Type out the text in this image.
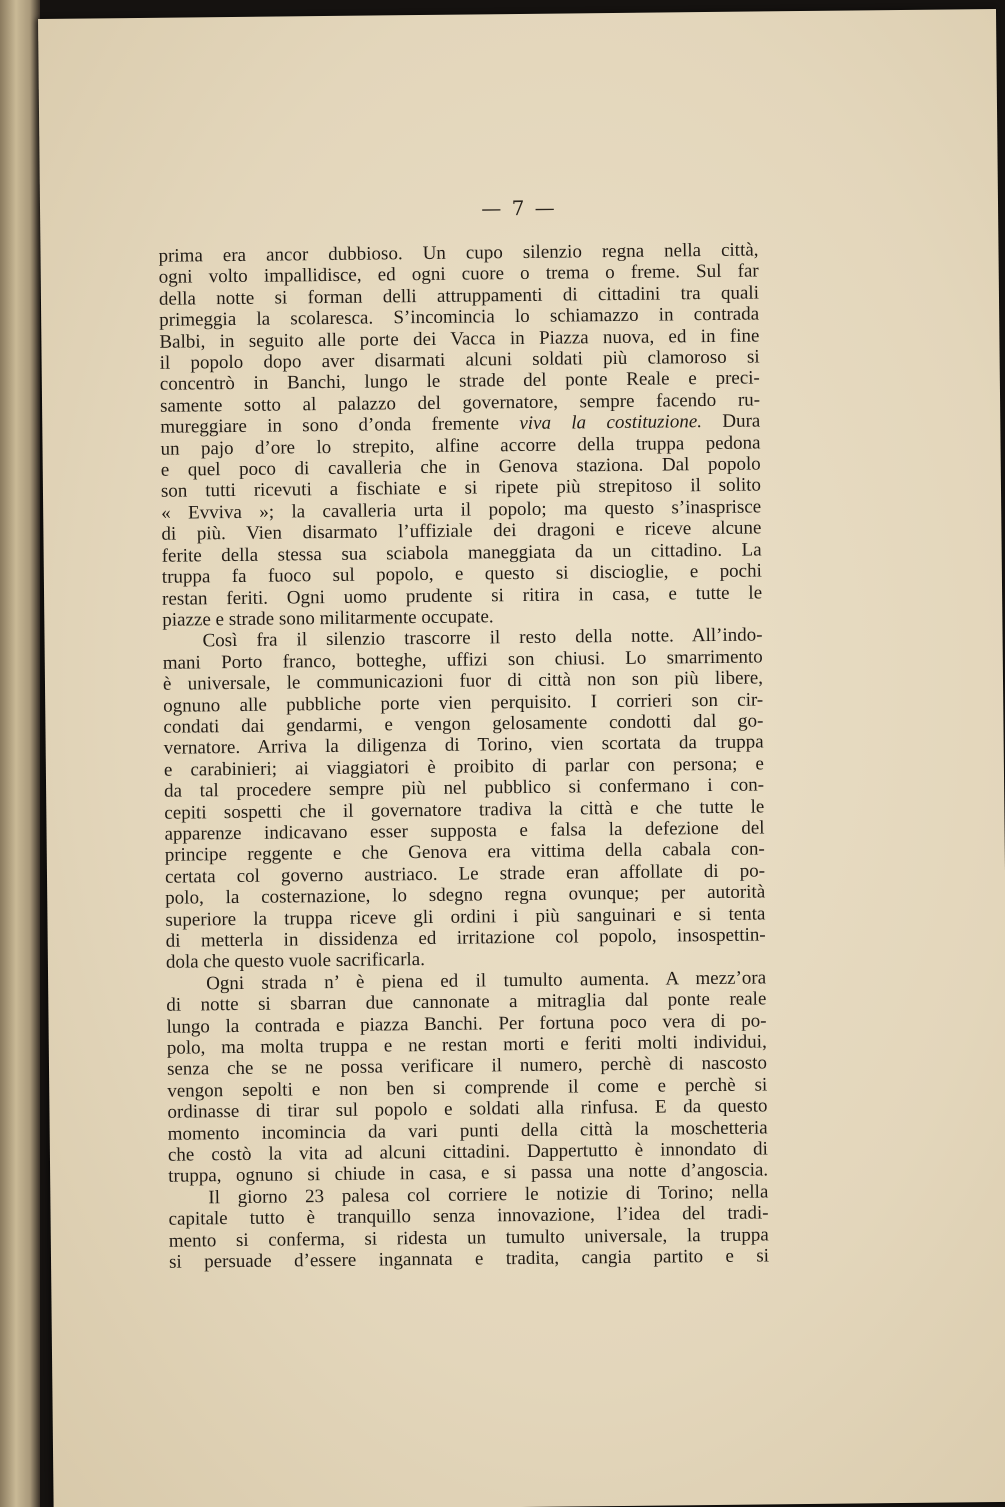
— 7 —
prima era ancor dubbioso. Un cupo silenzio regna nella città,
ogni volto impallidisce, ed ogni cuore o trema o freme. Sul far
della notte si forman delli attruppamenti di cittadini tra quali
primeggia la scolaresca. S’incomincia lo schiamazzo in contrada
Balbi, in seguito alle porte dei Vacca in Piazza nuova, ed in fine
il popolo dopo aver disarmati alcuni soldati più clamoroso si
concentrò in Banchi, lungo le strade del ponte Reale e preci-
samente sotto al palazzo del governatore, sempre facendo ru-
mureggiare in sono d’onda fremente viva la costituzione. Dura
un pajo d’ore lo strepito, alfine accorre della truppa pedona
e quel poco di cavalleria che in Genova staziona. Dal popolo
son tutti ricevuti a fischiate e si ripete più strepitoso il solito
« Evviva »; la cavalleria urta il popolo; ma questo s’inasprisce
di più. Vien disarmato l’uffiziale dei dragoni e riceve alcune
ferite della stessa sua sciabola maneggiata da un cittadino. La
truppa fa fuoco sul popolo, e questo si discioglie, e pochi
restan feriti. Ogni uomo prudente si ritira in casa, e tutte le
piazze e strade sono militarmente occupate.
Così fra il silenzio trascorre il resto della notte. All’indo-
mani Porto franco, botteghe, uffizi son chiusi. Lo smarrimento
è universale, le communicazioni fuor di città non son più libere,
ognuno alle pubbliche porte vien perquisito. I corrieri son cir-
condati dai gendarmi, e vengon gelosamente condotti dal go-
vernatore. Arriva la diligenza di Torino, vien scortata da truppa
e carabinieri; ai viaggiatori è proibito di parlar con persona; e
da tal procedere sempre più nel pubblico si confermano i con-
cepiti sospetti che il governatore tradiva la città e che tutte le
apparenze indicavano esser supposta e falsa la defezione del
principe reggente e che Genova era vittima della cabala con-
certata col governo austriaco. Le strade eran affollate di po-
polo, la costernazione, lo sdegno regna ovunque; per autorità
superiore la truppa riceve gli ordini i più sanguinari e si tenta
di metterla in dissidenza ed irritazione col popolo, insospettin-
dola che questo vuole sacrificarla.
Ogni strada n’ è piena ed il tumulto aumenta. A mezz’ora
di notte si sbarran due cannonate a mitraglia dal ponte reale
lungo la contrada e piazza Banchi. Per fortuna poco vera di po-
polo, ma molta truppa e ne restan morti e feriti molti individui,
senza che se ne possa verificare il numero, perchè di nascosto
vengon sepolti e non ben si comprende il come e perchè si
ordinasse di tirar sul popolo e soldati alla rinfusa. E da questo
momento incomincia da vari punti della città la moschetteria
che costò la vita ad alcuni cittadini. Dappertutto è innondato di
truppa, ognuno si chiude in casa, e si passa una notte d’angoscia.
Il giorno 23 palesa col corriere le notizie di Torino; nella
capitale tutto è tranquillo senza innovazione, l’idea del tradi-
mento si conferma, si ridesta un tumulto universale, la truppa
si persuade d’essere ingannata e tradita, cangia partito e si
